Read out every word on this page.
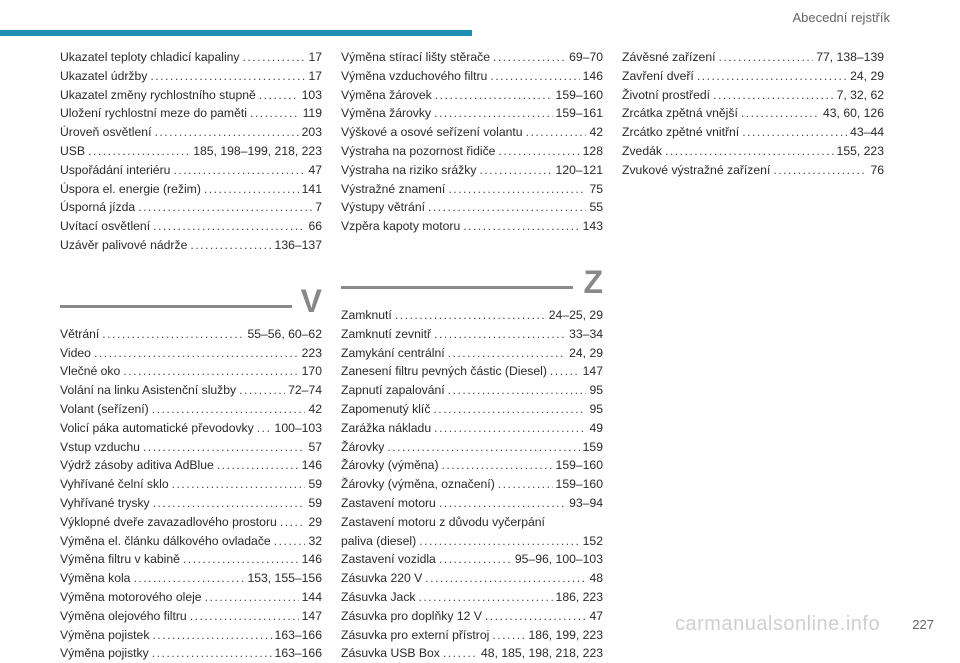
Abecední rejstřík
Ukazatel teploty chladicí kapaliny .....	17
Ukazatel údržby .....	17
Ukazatel změny rychlostního stupně .....	103
Uložení rychlostní meze do paměti .....	119
Úroveň osvětlení .....	203
USB .....	185, 198–199, 218, 223
Uspořádání interiéru .....	47
Úspora el. energie (režim) .....	141
Úsporná jízda .....	7
Uvítací osvětlení .....	66
Uzávěr palivové nádrže .....	136–137
V
Větrání .....	55–56, 60–62
Video .....	223
Vlečné oko .....	170
Volání na linku Asistenční služby .....	72–74
Volant (seřízení) .....	42
Volicí páka automatické převodovky ..... 100–103
Vstup vzduchu .....	57
Výdrž zásoby aditiva AdBlue .....	146
Vyhřívané čelní sklo .....	59
Vyhřívané trysky .....	59
Výklopné dveře zavazadlového prostoru .....	29
Výměna el. článku dálkového ovladače .....	32
Výměna filtru v kabině .....	146
Výměna kola .....	153, 155–156
Výměna motorového oleje .....	144
Výměna olejového filtru .....	147
Výměna pojistek .....	163–166
Výměna pojistky .....	163–166
Výměna stírací lišty stěrače .....	69–70
Výměna vzduchového filtru .....	146
Výměna žárovek .....	159–160
Výměna žárovky .....	159–161
Výškové a osové seřízení volantu .....	42
Výstraha na pozornost řidiče .....	128
Výstraha na riziko srážky .....	120–121
Výstražné znamení .....	75
Výstupy větrání .....	55
Vzpěra kapoty motoru .....	143
Z
Zamknutí .....	24–25, 29
Zamknutí zevnitř .....	33–34
Zamykání centrální .....	24, 29
Zanesení filtru pevných částic (Diesel) .....	147
Zapnutí zapalování .....	95
Zapomenutý klíč .....	95
Zarážka nákladu .....	49
Žárovky .....	159
Žárovky (výměna) .....	159–160
Žárovky (výměna, označení) .....	159–160
Zastavení motoru .....	93–94
Zastavení motoru z důvodu vyčerpání
paliva (diesel) .....	152
Zastavení vozidla .....	95–96, 100–103
Zásuvka 220 V .....	48
Zásuvka Jack .....	186, 223
Zásuvka pro doplňky 12 V .....	47
Zásuvka pro externí přístroj .....	186, 199, 223
Zásuvka USB Box .....	48, 185, 198, 218, 223
Závěsné zařízení .....	77, 138–139
Zavření dveří .....	24, 29
Životní prostředí .....	7, 32, 62
Zrcátka zpětná vnější .....	43, 60, 126
Zrcátko zpětné vnitřní .....	43–44
Zvedák .....	155, 223
Zvukové výstražné zařízení .....	76
carmanualsonline.info 227
